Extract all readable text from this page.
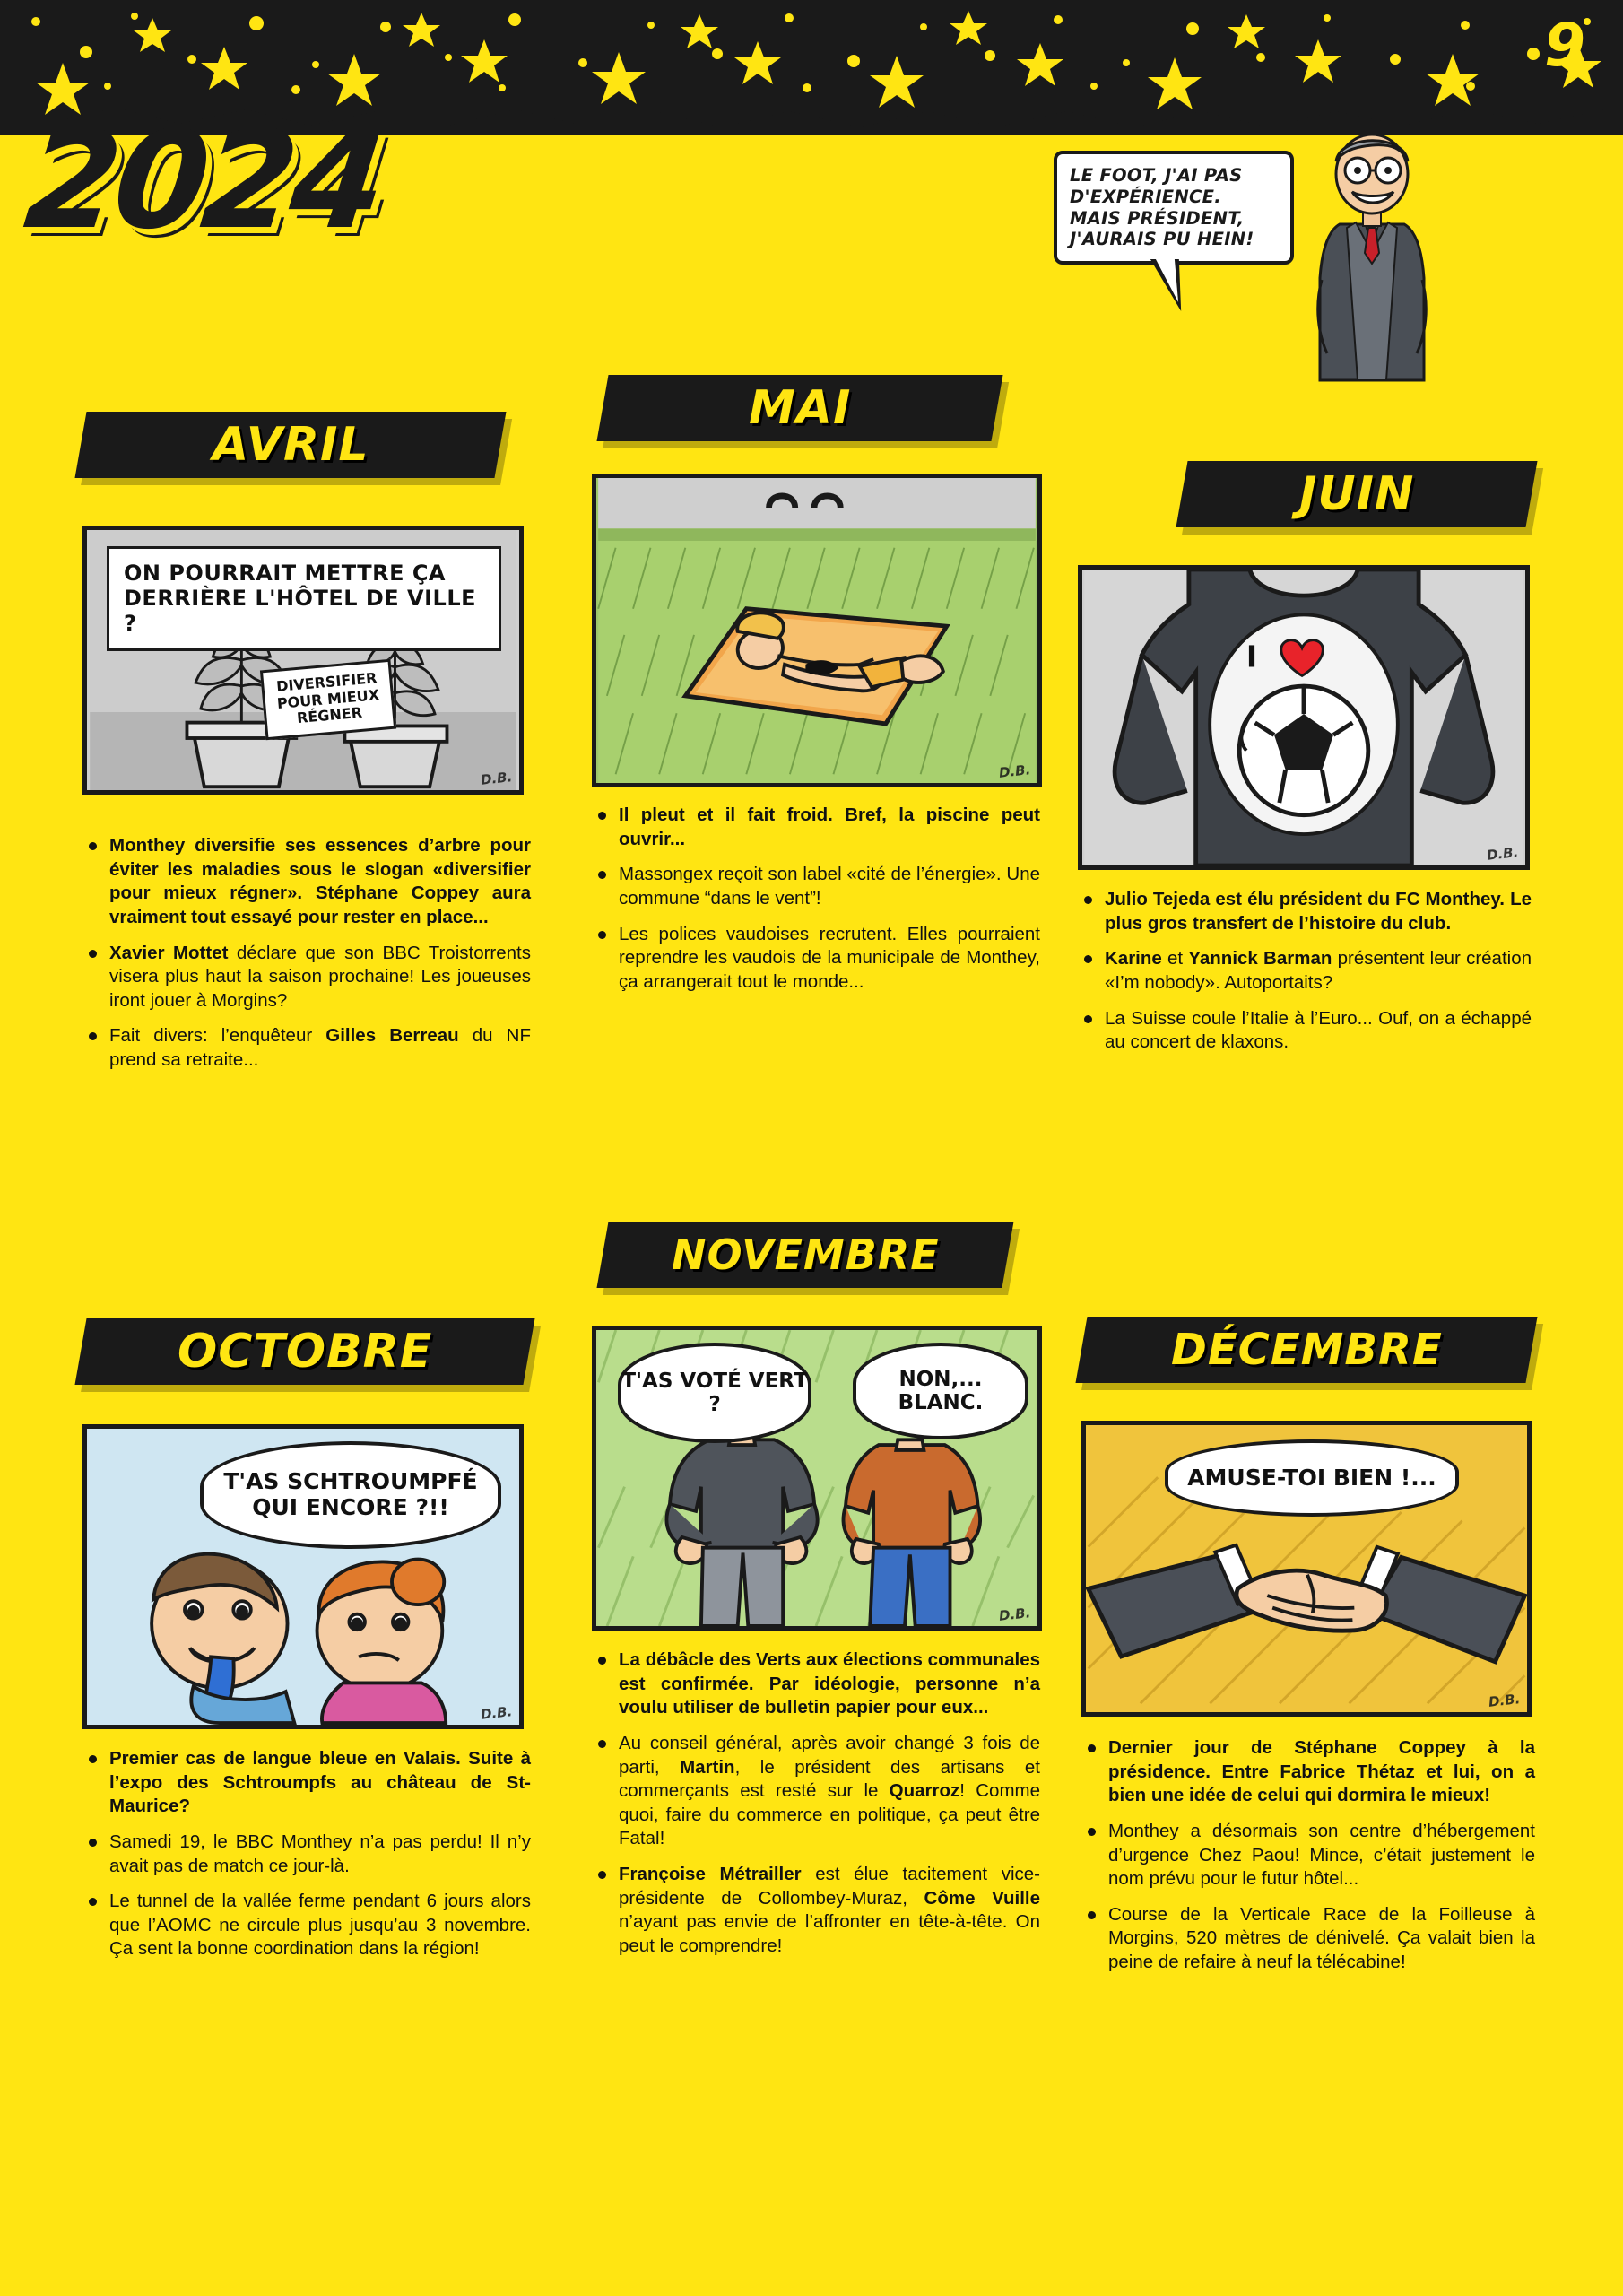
9
2024	LE FOOT, J'AI PAS D'EXPÉRIENCE. MAIS PRÉSIDENT, J'AURAIS PU HEIN!
AVRIL
ON POURRAIT METTRE ÇA DERRIÈRE L'HÔTEL DE VILLE ?
DIVERSIFIER POUR MIEUX RÉGNER
D.B.
Monthey diversifie ses essences d’arbre pour éviter les maladies sous le slogan «diversifier pour mieux régner». Stéphane Coppey aura vraiment tout essayé pour rester en place...
Xavier Mottet déclare que son BBC Troistorrents visera plus haut la saison prochaine! Les joueuses iront jouer à Morgins?
Fait divers: l’enquêteur Gilles Berreau du NF prend sa retraite...
MAI
D.B.
Il pleut et il fait froid. Bref, la piscine peut ouvrir...
Massongex reçoit son label «cité de l’énergie». Une commune “dans le vent”!
Les polices vaudoises recrutent. Elles pourraient reprendre les vaudois de la municipale de Monthey, ça arrangerait tout le monde...
JUIN
I
D.B.
Julio Tejeda est élu président du FC Monthey. Le plus gros transfert de l’histoire du club.
Karine et Yannick Barman présentent leur création «I’m nobody». Autoportaits?
La Suisse coule l’Italie à l’Euro... Ouf, on a échappé au concert de klaxons.
OCTOBRE
T'AS SCHTROUMPFÉ QUI ENCORE ?!!
D.B.
Premier cas de langue bleue en Valais. Suite à l’expo des Schtroumpfs au château de St-Maurice?
Samedi 19, le BBC Monthey n’a pas perdu! Il n’y avait pas de match ce jour-là.
Le tunnel de la vallée ferme pendant 6 jours alors que l’AOMC ne circule plus jusqu’au 3 novembre. Ça sent la bonne coordination dans la région!
NOVEMBRE
T'AS VOTÉ VERT ?
NON,... BLANC.
D.B.
La débâcle des Verts aux élections communales est confirmée. Par idéologie, personne n’a voulu utiliser de bulletin papier pour eux...
Au conseil général, après avoir changé 3 fois de parti, Martin, le président des artisans et commerçants est resté sur le Quarroz! Comme quoi, faire du commerce en politique, ça peut être Fatal!
Françoise Métrailler est élue tacitement vice-présidente de Collombey-Muraz, Côme Vuille n’ayant pas envie de l’affronter en tête-à-tête. On peut le comprendre!
DÉCEMBRE
AMUSE-TOI BIEN !...
D.B.
Dernier jour de Stéphane Coppey à la présidence. Entre Fabrice Thétaz et lui, on a bien une idée de celui qui dormira le mieux!
Monthey a désormais son centre d’hébergement d’urgence Chez Paou! Mince, c’était justement le nom prévu pour le futur hôtel...
Course de la Verticale Race de la Foilleuse à Morgins, 520 mètres de dénivelé. Ça valait bien la peine de refaire à neuf la télécabine!
